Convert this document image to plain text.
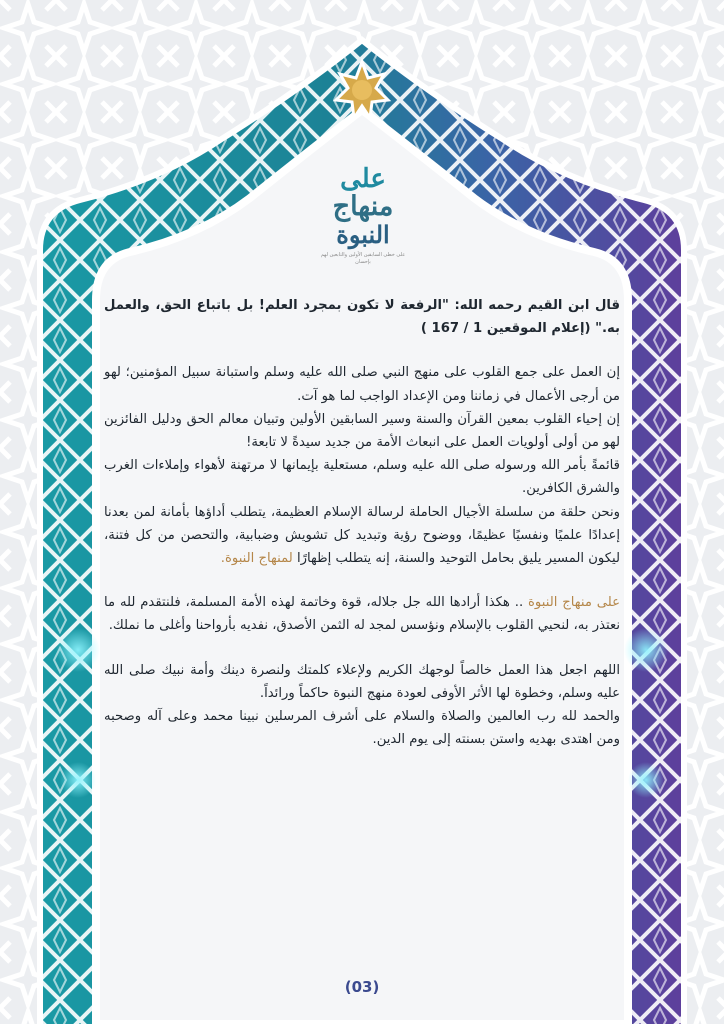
على
منهاج
النبوة
على خطى السابقين الأولين والتابعين لهم بإحسان

قال ابن القيم رحمه الله: "الرفعة لا تكون بمجرد العلم! بل باتباع الحق، والعمل به." (إعلام الموقعين 1 / 167 )

إن العمل على جمع القلوب على منهج النبي صلى الله عليه وسلم واستبانة سبيل المؤمنين؛ لهو من أرجى الأعمال في زماننا ومن الإعداد الواجب لما هو آت.

إن إحياء القلوب بمعين القرآن والسنة وسير السابقين الأولين وتبيان معالم الحق ودليل الفائزين لهو من أولى أولويات العمل على انبعاث الأمة من جديد سيدةً لا تابعة!

قائمةً بأمر الله ورسوله صلى الله عليه وسلم، مستعلية بإيمانها لا مرتهنة لأهواء وإملاءات الغرب والشرق الكافرين.

ونحن حلقة من سلسلة الأجيال الحاملة لرسالة الإسلام العظيمة، يتطلب أداؤها بأمانة لمن بعدنا إعدادًا علميًا ونفسيًا عظيمًا، ووضوح رؤية وتبديد كل تشويش وضبابية، والتحصن من كل فتنة، ليكون المسير يليق بحامل التوحيد والسنة، إنه يتطلب إظهارًا لمنهاج النبوة.

على منهاج النبوة .. هكذا أرادها الله جل جلاله، قوة وخاتمة لهذه الأمة المسلمة، فلنتقدم لله ما نعتذر به، لنحيي القلوب بالإسلام ونؤسس لمجد له الثمن الأصدق، نفديه بأرواحنا وأغلى ما نملك.

اللهم اجعل هذا العمل خالصاً لوجهك الكريم ولإعلاء كلمتك ولنصرة دينك وأمة نبيك صلى الله عليه وسلم، وخطوة لها الأثر الأوفى لعودة منهج النبوة حاكماً ورائداً.

والحمد لله رب العالمين والصلاة والسلام على أشرف المرسلين نبينا محمد وعلى آله وصحبه ومن اهتدى بهديه واستن بسنته إلى يوم الدين.

(03)
